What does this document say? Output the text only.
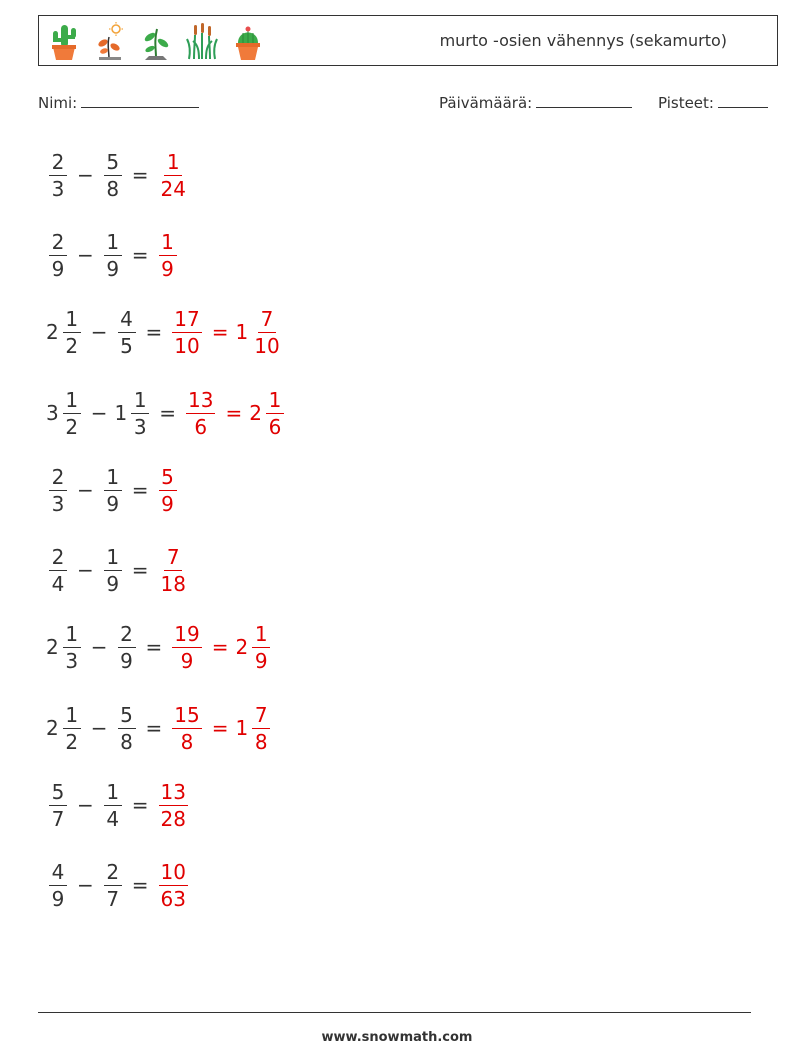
murto -osien vähennys (sekamurto)
Nimi:	Päivämäärä:	Pisteet:
$\frac{2}{3} - \frac{5}{8} = \frac{1}{24}$
$\frac{2}{9} - \frac{1}{9} = \frac{1}{9}$
$2 \frac{1}{2} - \frac{4}{5} = \frac{17}{10} = 1 \frac{7}{10}$
$3 \frac{1}{2} - 1 \frac{1}{3} = \frac{13}{6} = 2 \frac{1}{6}$
$\frac{2}{3} - \frac{1}{9} = \frac{5}{9}$
$\frac{2}{4} - \frac{1}{9} = \frac{7}{18}$
$2 \frac{1}{3} - \frac{2}{9} = \frac{19}{9} = 2 \frac{1}{9}$
$2 \frac{1}{2} - \frac{5}{8} = \frac{15}{8} = 1 \frac{7}{8}$
$\frac{5}{7} - \frac{1}{4} = \frac{13}{28}$
$\frac{4}{9} - \frac{2}{7} = \frac{10}{63}$
www.snowmath.com
